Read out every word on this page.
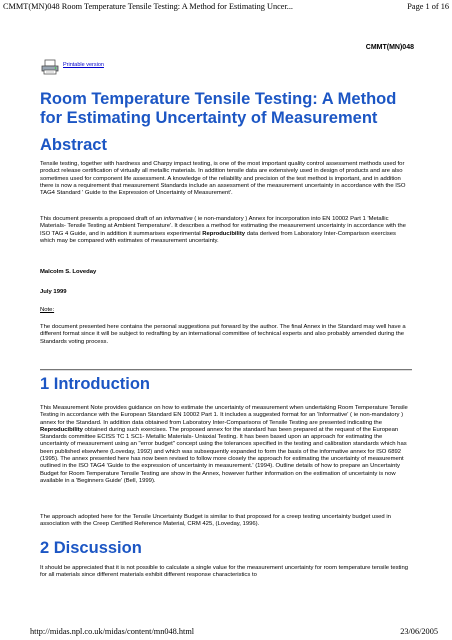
CMMT(MN)048 Room Temperature Tensile Testing: A Method for Estimating Uncer...	Page 1 of 16
CMMT(MN)048
Printable version
Room Temperature Tensile Testing: A Method for Estimating Uncertainty of Measurement
Abstract

Tensile testing, together with hardness and Charpy impact testing, is one of the most important quality control assessment methods used for product release certification of virtually all metallic materials. In addition tensile data are extensively used in design of products and are also sometimes used for component life assessment. A knowledge of the reliability and precision of the test method is important, and in addition there is now a requirement that measurement Standards include an assessment of the measurement uncertainty in accordance with the ISO TAG4 Standard ' Guide to the Expression of Uncertainty of Measurement'.

This document presents a proposed draft of an informative ( ie non-mandatory ) Annex for incorporation into EN 10002 Part 1 'Metallic Materials- Tensile Testing at Ambient Temperature'. It describes a method for estimating the measurement uncertainty in accordance with the ISO TAG 4 Guide, and in addition it summarises experimental Reproducibility data derived from Laboratory Inter-Comparison exercises which may be compared with estimates of measurement uncertainty.

Malcolm S. Loveday

July 1999

Note:

The document presented here contains the personal suggestions put forward by the author. The final Annex in the Standard may well have a different format since it will be subject to redrafting by an international committee of technical experts and also probably amended during the Standards voting process.

1 Introduction

This Measurement Note provides guidance on how to estimate the uncertainty of measurement when undertaking Room Temperature Tensile Testing in accordance with the European Standard EN 10002 Part 1. It includes a suggested format for an 'Informative' ( ie non-mandatory ) annex for the Standard. In addition data obtained from Laboratory Inter-Comparisons of Tensile Testing are presented indicating the Reproducibility obtained during such exercises. The proposed annex for the standard has been prepared at the request of the European Standards committee ECISS TC 1 SC1- Metallic Materials- Uniaxial Testing. It has been based upon an approach for estimating the uncertainty of measurement using an "error budget" concept using the tolerances specified in the testing and calibration standards which has been published elsewhere (Loveday, 1992) and which was subsequently expanded to form the basis of the informative annex for ISO 6892 (1995). The annex presented here has now been revised to follow more closely the approach for estimating the uncertainty of measurement outlined in the ISO TAG4 'Guide to the expression of uncertainty in measurement.' (1994). Outline details of how to prepare an Uncertainty Budget for Room Temperature Tensile Testing are show in the Annex, however further information on the estimation of uncertainty is now available in a 'Beginners Guide' (Bell, 1999).

The approach adopted here for the Tensile Uncertainty Budget is similar to that proposed for a creep testing uncertainty budget used in association with the Creep Certified Reference Material, CRM 425, (Loveday, 1996).

2 Discussion

It should be appreciated that it is not possible to calculate a single value for the measurement uncertainty for room temperature tensile testing for all materials since different materials exhibit different response characteristics to

http://midas.npl.co.uk/midas/content/mn048.html	23/06/2005
